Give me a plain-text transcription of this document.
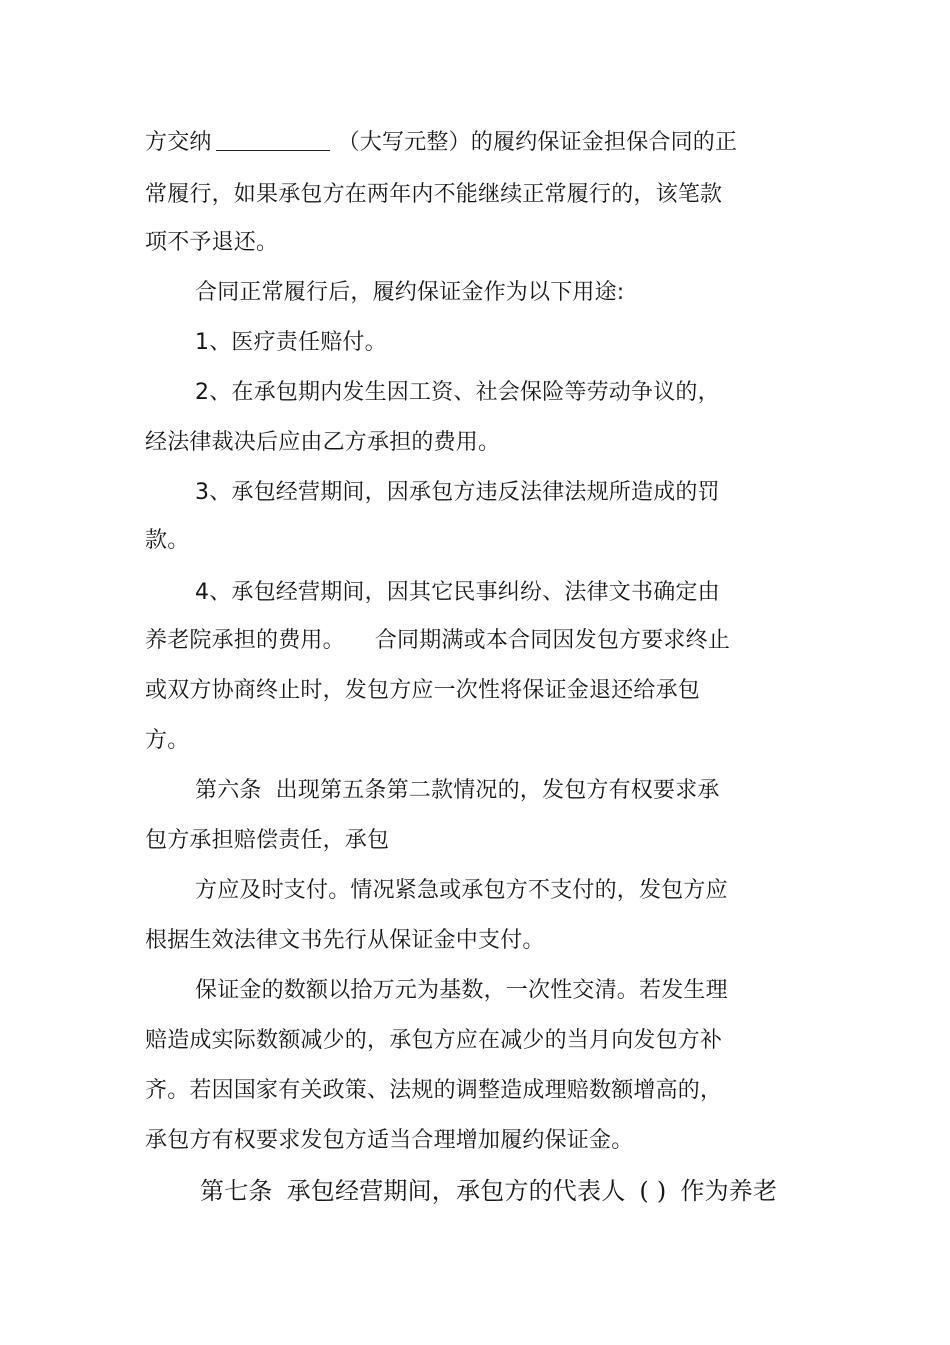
方交纳	（大写元整）的履约保证金担保合同的正
常履行，如果承包方在两年内不能继续正常履行的，该笔款
项不予退还。
合同正常履行后，履约保证金作为以下用途:
1、医疗责任赔付。
2、在承包期内发生因工资、社会保险等劳动争议的，
经法律裁决后应由乙方承担的费用。
3、承包经营期间，因承包方违反法律法规所造成的罚
款。
4、承包经营期间，因其它民事纠纷、法律文书确定由
养老院承担的费用。 合同期满或本合同因发包方要求终止
或双方协商终止时，发包方应一次性将保证金退还给承包
方。
第六条 出现第五条第二款情况的，发包方有权要求承
包方承担赔偿责任，承包
方应及时支付。情况紧急或承包方不支付的，发包方应
根据生效法律文书先行从保证金中支付。
保证金的数额以拾万元为基数，一次性交清。若发生理
赔造成实际数额减少的，承包方应在减少的当月向发包方补
齐。若因国家有关政策、法规的调整造成理赔数额增高的，
承包方有权要求发包方适当合理增加履约保证金。
第七条 承包经营期间，承包方的代表人 ( ) 作为养老
